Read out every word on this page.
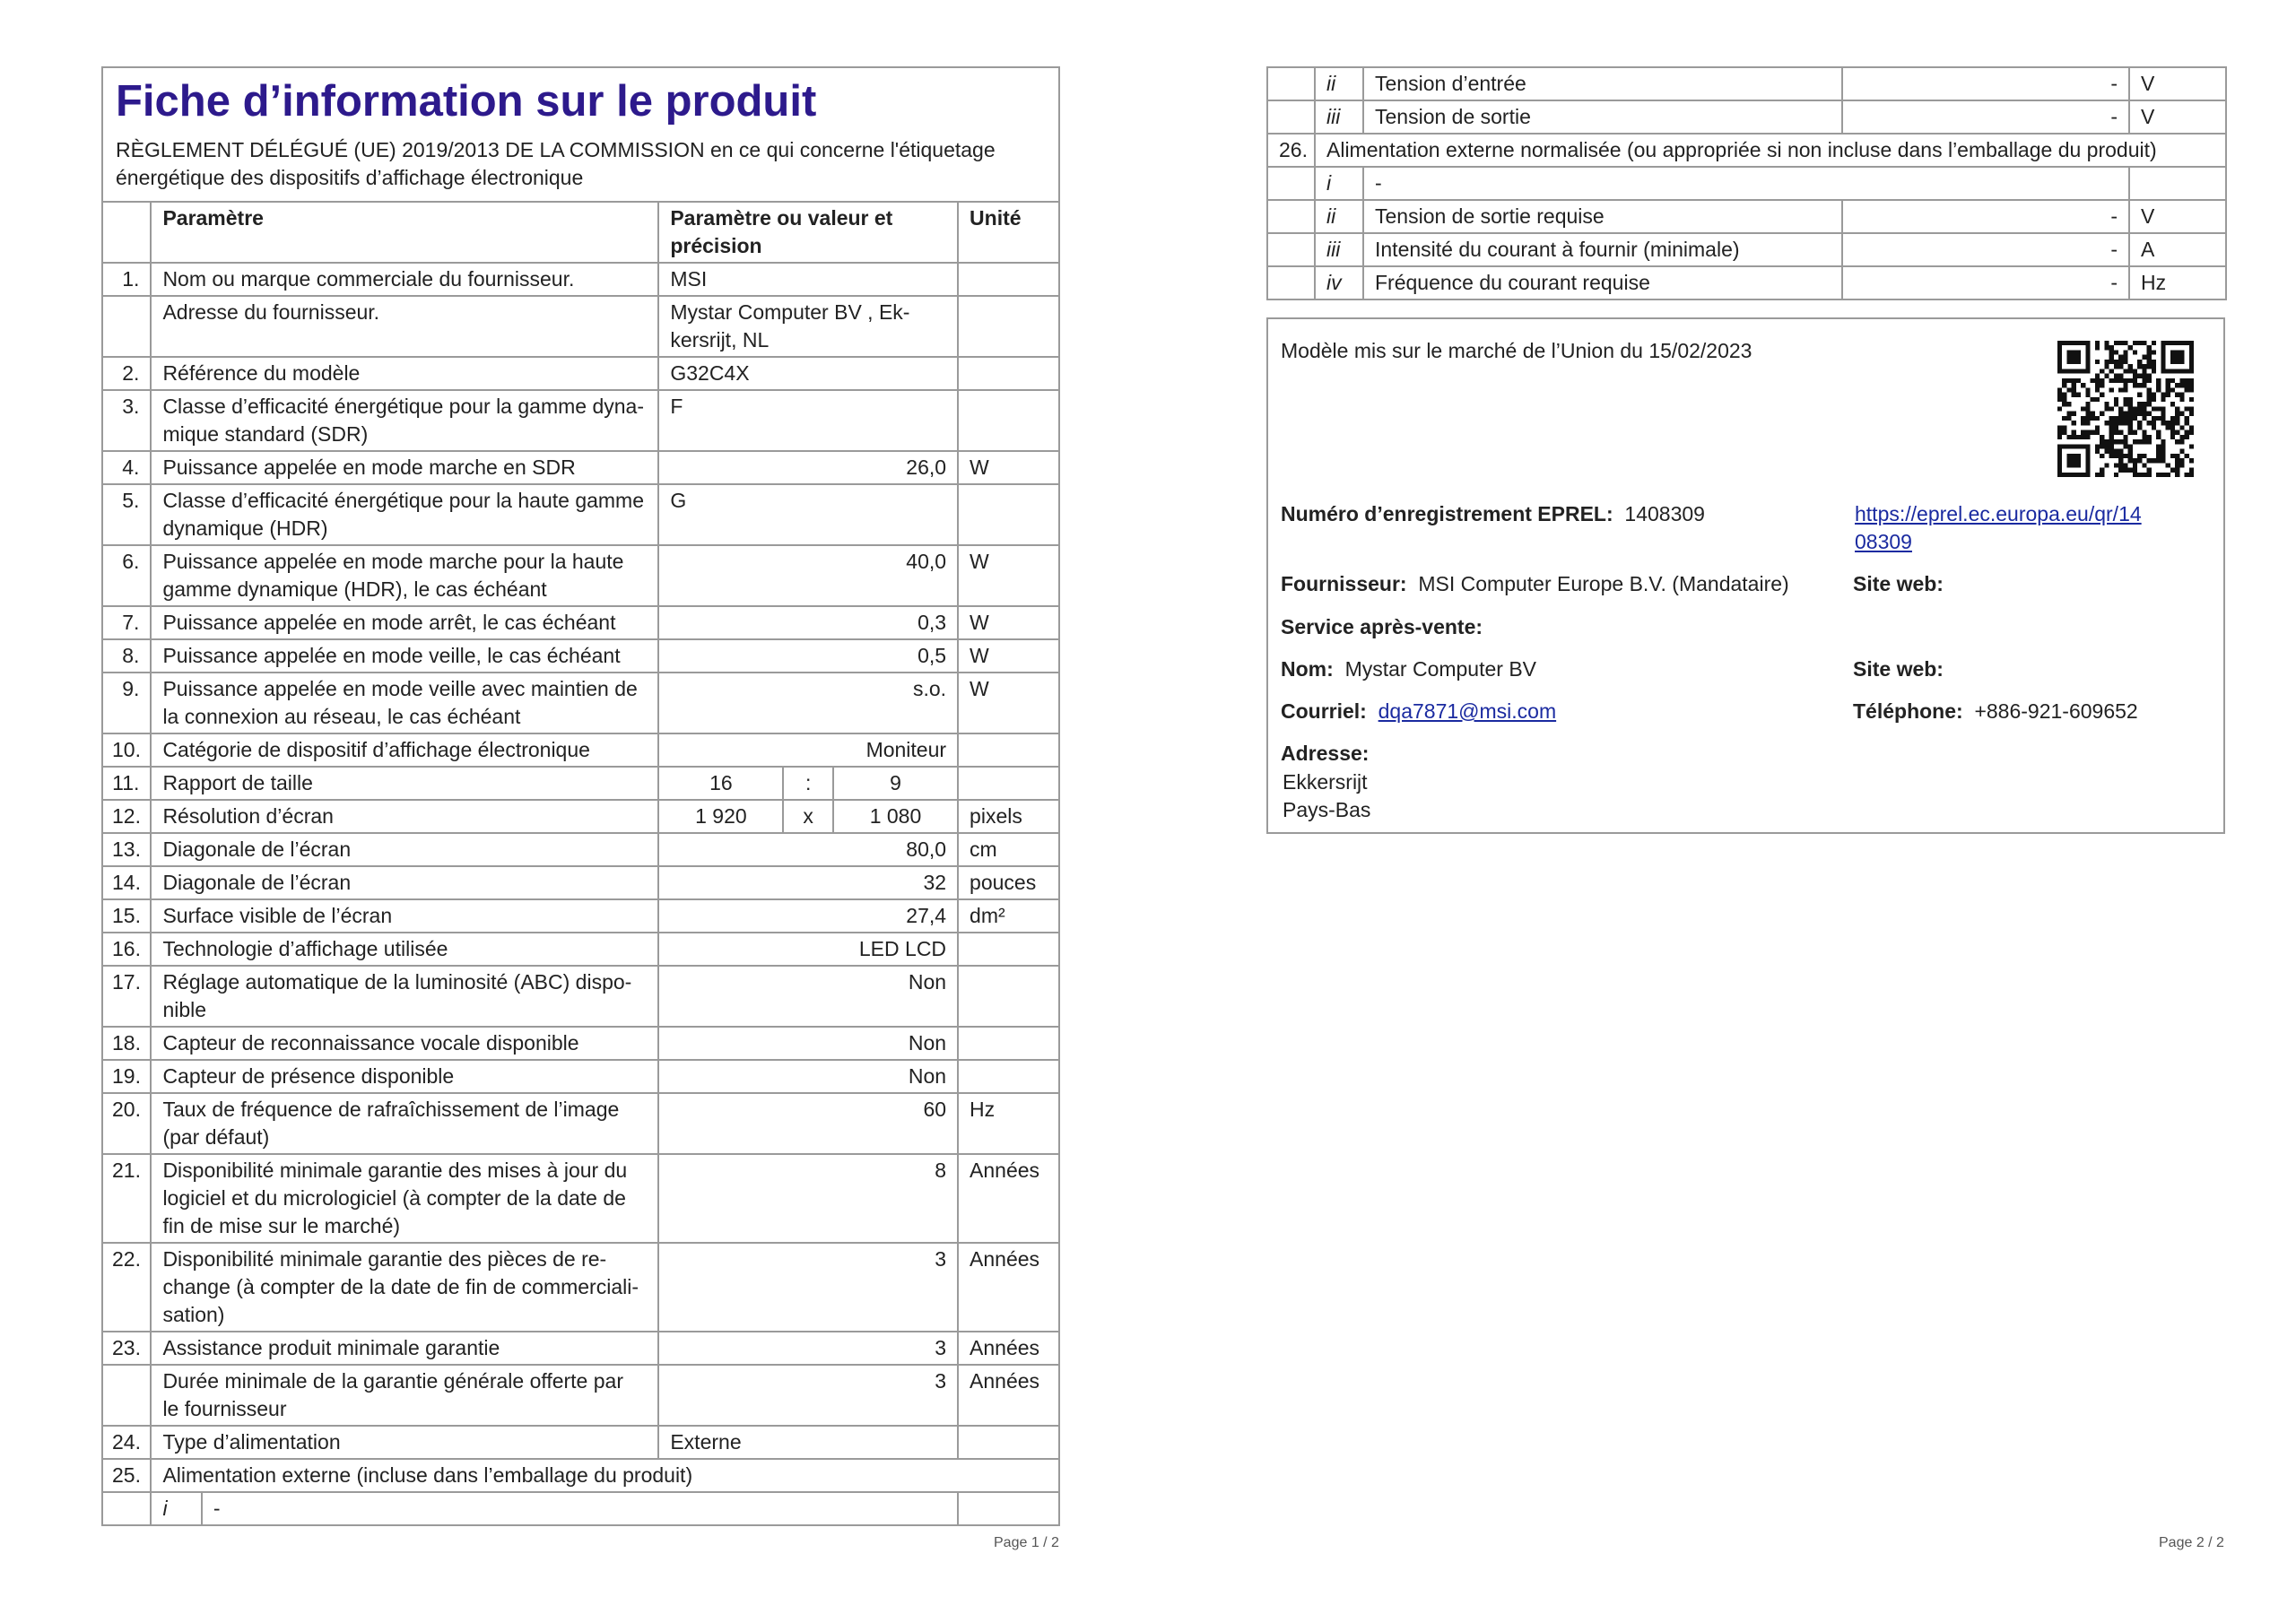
Fiche d’information sur le produit

RÈGLEMENT DÉLÉGUÉ (UE) 2019/2013 DE LA COMMISSION en ce qui concerne l'étiquetage
énergétique des dispositifs d’affichage électronique

	Paramètre		Paramètre ou valeur et
précision			Unité
1.	Nom ou marque commerciale du fournisseur.		MSI			
	Adresse du fournisseur.		Mystar Computer BV , Ek-
kersrijt, NL			
2.	Référence du modèle		G32C4X			
3.	Classe d’efficacité énergétique pour la gamme dyna-
mique standard (SDR)		F			
4.	Puissance appelée en mode marche en SDR		26,0			W
5.	Classe d’efficacité énergétique pour la haute gamme
dynamique (HDR)		G			
6.	Puissance appelée en mode marche pour la haute
gamme dynamique (HDR), le cas échéant		40,0			W
7.	Puissance appelée en mode arrêt, le cas échéant		0,3			W
8.	Puissance appelée en mode veille, le cas échéant		0,5			W
9.	Puissance appelée en mode veille avec maintien de
la connexion au réseau, le cas échéant		s.o.			W
10.	Catégorie de dispositif d’affichage électronique		Moniteur			
11.	Rapport de taille		16	:	9	
12.	Résolution d’écran		1 920	x	1 080	pixels
13.	Diagonale de l’écran		80,0			cm
14.	Diagonale de l’écran		32			pouces
15.	Surface visible de l’écran		27,4			dm²
16.	Technologie d’affichage utilisée		LED LCD			
17.	Réglage automatique de la luminosité (ABC) dispo-
nible		Non			
18.	Capteur de reconnaissance vocale disponible		Non			
19.	Capteur de présence disponible		Non			
20.	Taux de fréquence de rafraîchissement de l’image
(par défaut)		60			Hz
21.	Disponibilité minimale garantie des mises à jour du
logiciel et du micrologiciel (à compter de la date de
fin de mise sur le marché)		8			Années
22.	Disponibilité minimale garantie des pièces de re-
change (à compter de la date de fin de commerciali-
sation)		3			Années
23.	Assistance produit minimale garantie		3			Années
	Durée minimale de la garantie générale offerte par
le fournisseur		3			Années
24.	Type d’alimentation		Externe			
25.	Alimentation externe (incluse dans l’emballage du produit)					
	i	-				
Page 1 / 2
	ii	Tension d’entrée	-	V
	iii	Tension de sortie	-	V
26.	Alimentation externe normalisée (ou appropriée si non incluse dans l’emballage du produit)			
	i	-		
	ii	Tension de sortie requise	-	V
	iii	Intensité du courant à fournir (minimale)	-	A
	iv	Fréquence du courant requise	-	Hz
Modèle mis sur le marché de l’Union du 15/02/2023
Numéro d’enregistrement EPREL: 1408309	https://eprel.ec.europa.eu/qr/14
08309
Fournisseur: MSI Computer Europe B.V. (Mandataire)	Site web:
Service après-vente:
Nom: Mystar Computer BV	Site web:
Courriel: dqa7871@msi.com	Téléphone: +886-921-609652
Adresse:
Ekkersrijt
Pays-Bas
Page 2 / 2
